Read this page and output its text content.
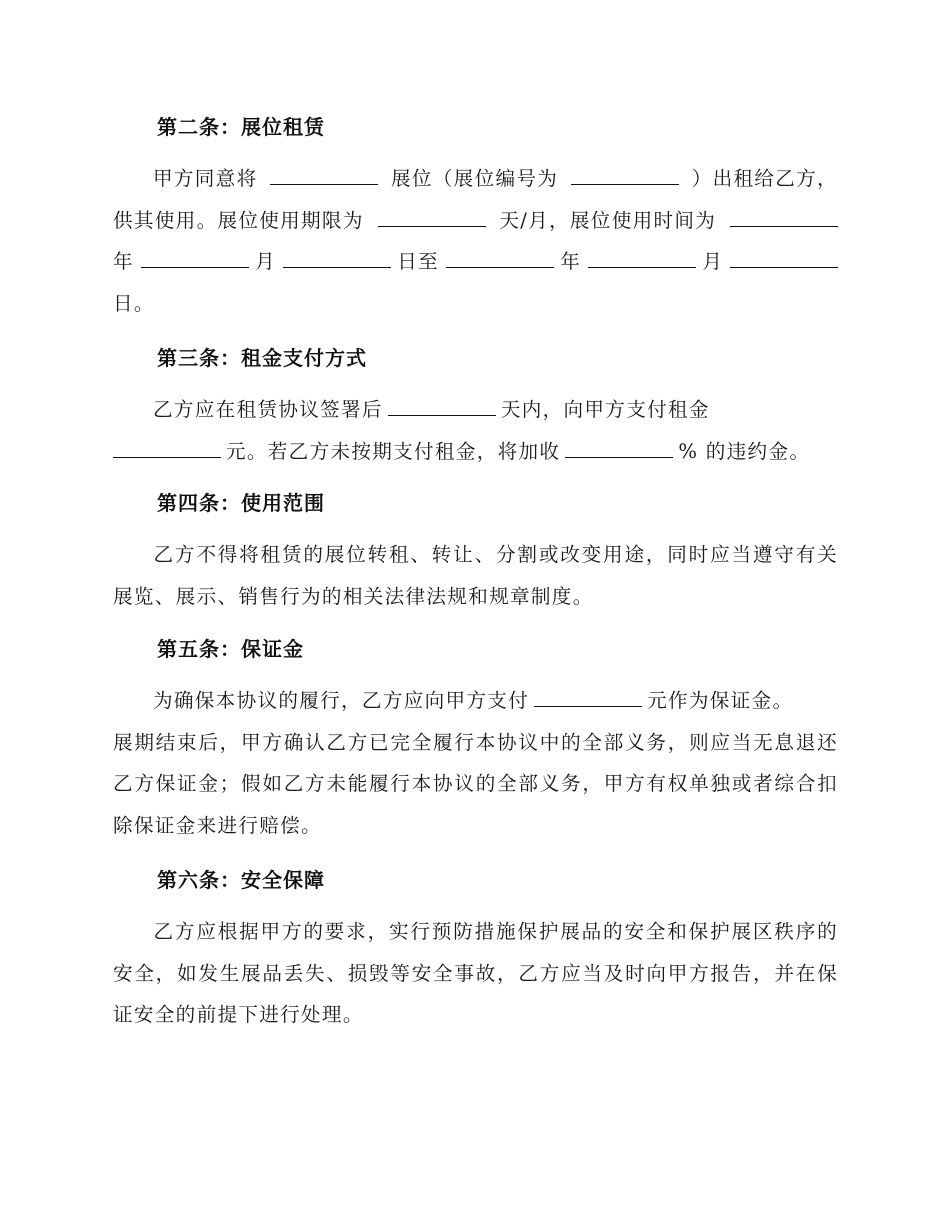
第二条：展位租赁
甲方同意将	展位（展位编号为	）出租给乙方，
供其使用。展位使用期限为	天/月，展位使用时间为
年	月	日至	年	月
日。
第三条：租金支付方式
乙方应在租赁协议签署后	天内，向甲方支付租金
元。若乙方未按期支付租金，将加收	% 的违约金。
第四条：使用范围
乙方不得将租赁的展位转租、转让、分割或改变用途，同时应当遵守有关展览、展示、销售行为的相关法律法规和规章制度。
第五条：保证金
为确保本协议的履行，乙方应向甲方支付	元作为保证金。
展期结束后，甲方确认乙方已完全履行本协议中的全部义务，则应当无息退还乙方保证金；假如乙方未能履行本协议的全部义务，甲方有权单独或者综合扣除保证金来进行赔偿。
第六条：安全保障
乙方应根据甲方的要求，实行预防措施保护展品的安全和保护展区秩序的安全，如发生展品丢失、损毁等安全事故，乙方应当及时向甲方报告，并在保证安全的前提下进行处理。
